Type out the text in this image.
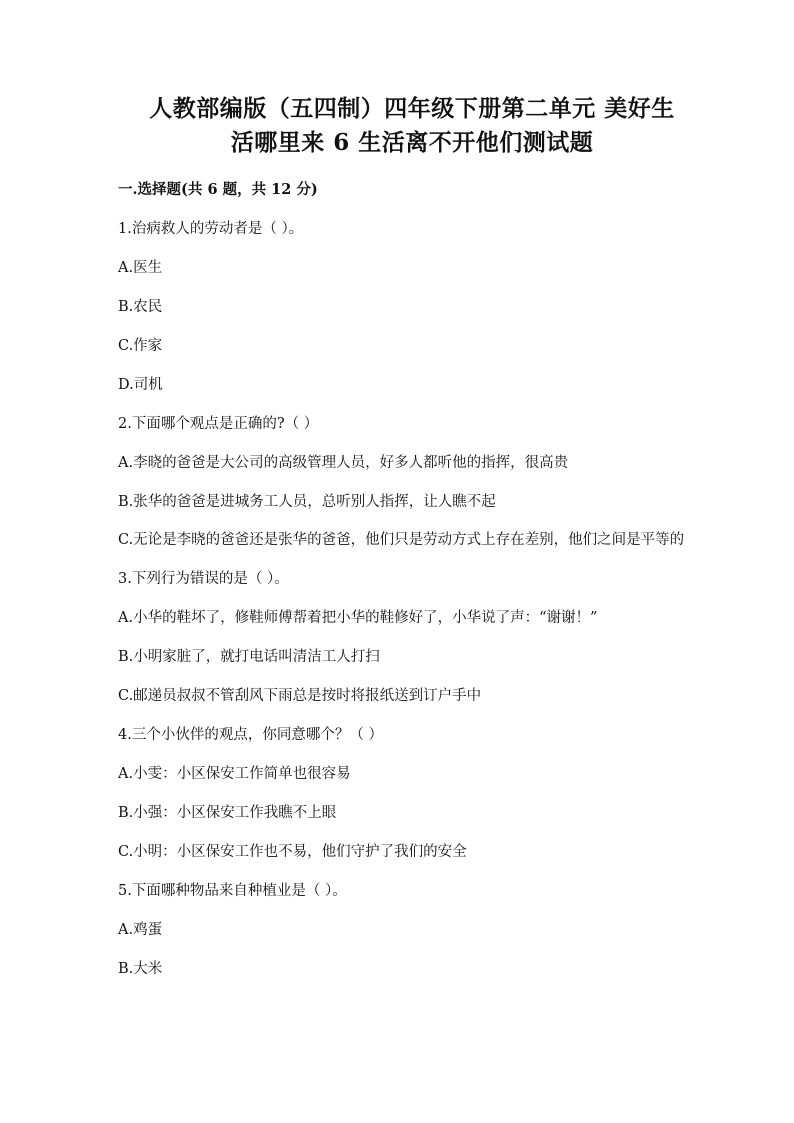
人教部编版（五四制）四年级下册第二单元 美好生
活哪里来 6 生活离不开他们测试题
一.选择题(共 6 题，共 12 分)

1.治病救人的劳动者是（ ）。

A.医生

B.农民

C.作家

D.司机

2.下面哪个观点是正确的?（ ）

A.李晓的爸爸是大公司的高级管理人员，好多人都听他的指挥，很高贵

B.张华的爸爸是进城务工人员，总听别人指挥，让人瞧不起

C.无论是李晓的爸爸还是张华的爸爸，他们只是劳动方式上存在差别，他们之间是平等的

3.下列行为错误的是（ ）。

A.小华的鞋坏了，修鞋师傅帮着把小华的鞋修好了，小华说了声：“谢谢！”

B.小明家脏了，就打电话叫清洁工人打扫

C.邮递员叔叔不管刮风下雨总是按时将报纸送到订户手中

4.三个小伙伴的观点，你同意哪个？（ ）

A.小雯：小区保安工作简单也很容易

B.小强：小区保安工作我瞧不上眼

C.小明：小区保安工作也不易，他们守护了我们的安全

5.下面哪种物品来自种植业是（ ）。

A.鸡蛋

B.大米
